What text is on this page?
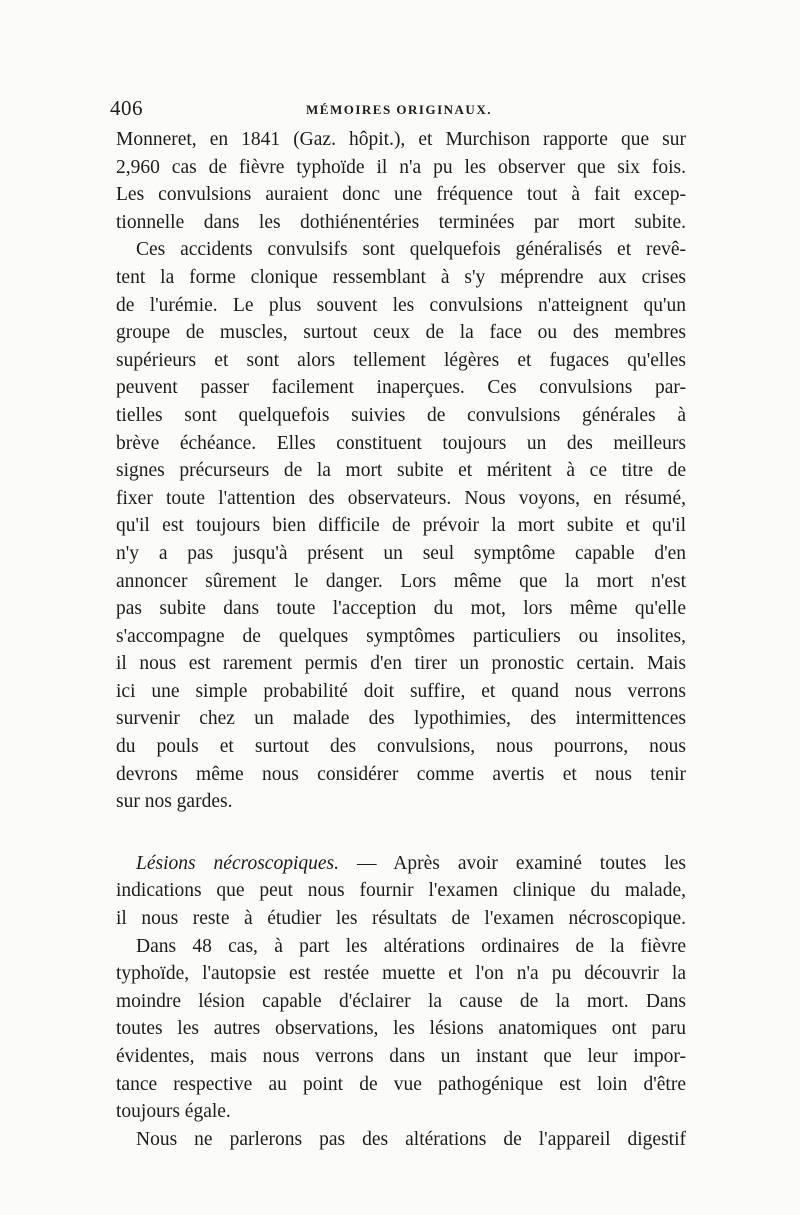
406	MÉMOIRES ORIGINAUX.

Monneret, en 1841 (Gaz. hôpit.), et Murchison rapporte que sur
2,960 cas de fièvre typhoïde il n'a pu les observer que six fois.
Les convulsions auraient donc une fréquence tout à fait excep-
tionnelle dans les dothiénentéries terminées par mort subite.

Ces accidents convulsifs sont quelquefois généralisés et revê-
tent la forme clonique ressemblant à s'y méprendre aux crises
de l'urémie. Le plus souvent les convulsions n'atteignent qu'un
groupe de muscles, surtout ceux de la face ou des membres
supérieurs et sont alors tellement légères et fugaces qu'elles
peuvent passer facilement inaperçues. Ces convulsions par-
tielles sont quelquefois suivies de convulsions générales à
brève échéance. Elles constituent toujours un des meilleurs
signes précurseurs de la mort subite et méritent à ce titre de
fixer toute l'attention des observateurs. Nous voyons, en résumé,
qu'il est toujours bien difficile de prévoir la mort subite et qu'il
n'y a pas jusqu'à présent un seul symptôme capable d'en
annoncer sûrement le danger. Lors même que la mort n'est
pas subite dans toute l'acception du mot, lors même qu'elle
s'accompagne de quelques symptômes particuliers ou insolites,
il nous est rarement permis d'en tirer un pronostic certain. Mais
ici une simple probabilité doit suffire, et quand nous verrons
survenir chez un malade des lypothimies, des intermittences
du pouls et surtout des convulsions, nous pourrons, nous
devrons même nous considérer comme avertis et nous tenir
sur nos gardes.

Lésions nécroscopiques. — Après avoir examiné toutes les
indications que peut nous fournir l'examen clinique du malade,
il nous reste à étudier les résultats de l'examen nécroscopique.

Dans 48 cas, à part les altérations ordinaires de la fièvre
typhoïde, l'autopsie est restée muette et l'on n'a pu découvrir la
moindre lésion capable d'éclairer la cause de la mort. Dans
toutes les autres observations, les lésions anatomiques ont paru
évidentes, mais nous verrons dans un instant que leur impor-
tance respective au point de vue pathogénique est loin d'être
toujours égale.

Nous ne parlerons pas des altérations de l'appareil digestif
